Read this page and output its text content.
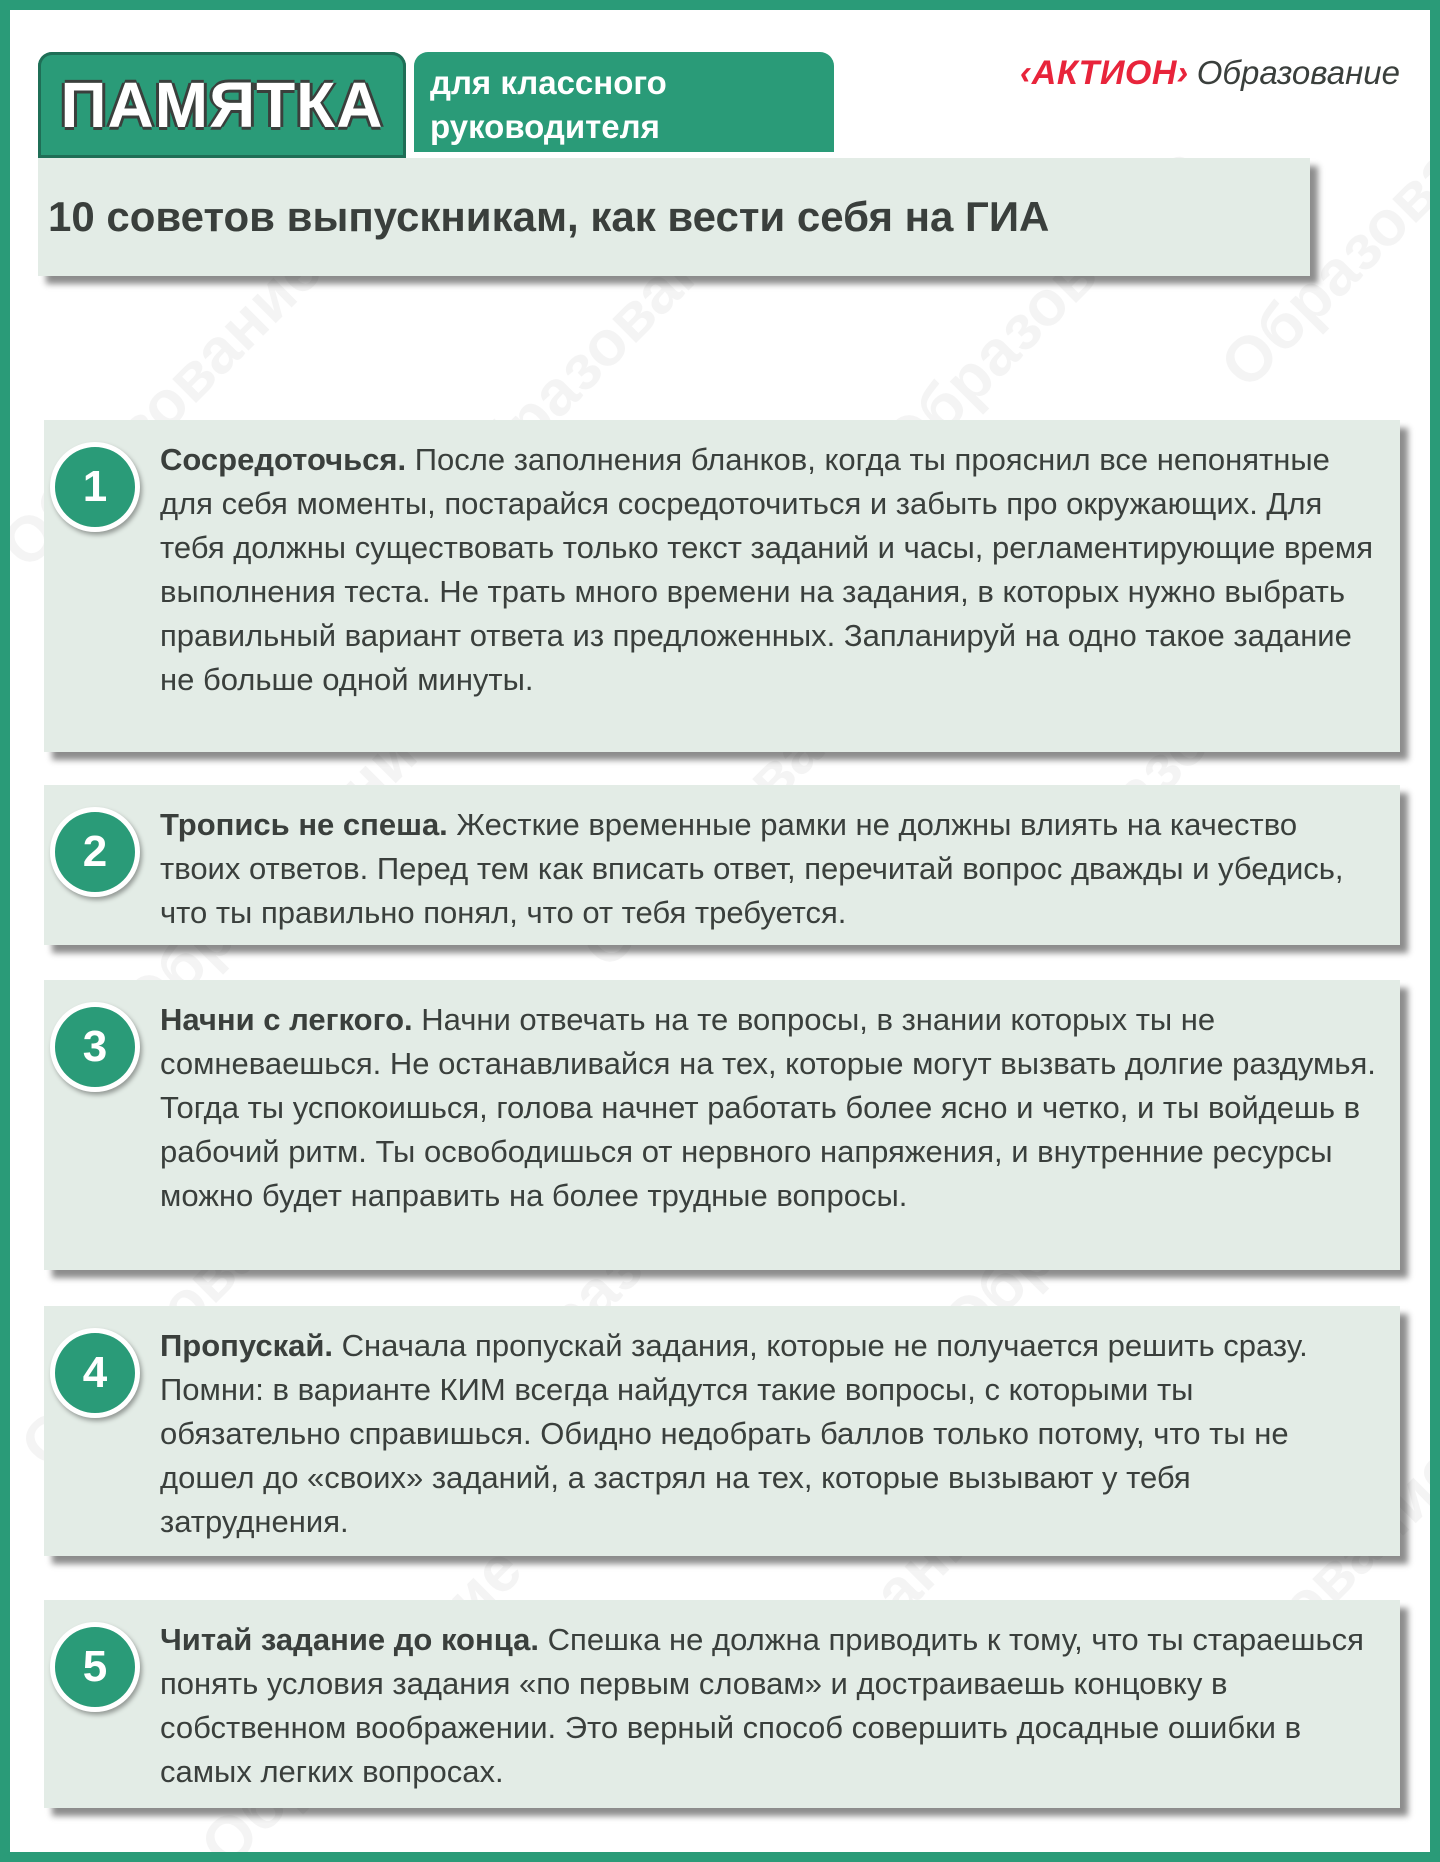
ПАМЯТКА для классного
руководителя
‹АКТИОН› Образование
10 советов выпускникам, как вести себя на ГИА
1
Сосредоточься. После заполнения бланков, когда ты прояснил все непонятные для себя моменты, постарайся сосредоточиться и забыть про окружающих. Для тебя должны существовать только текст заданий и часы, регламентирующие время выполнения теста. Не трать много времени на задания, в которых нужно выбрать правильный вариант ответа из предложенных. Запланируй на одно такое задание не больше одной минуты.
2
Тропись не спеша. Жесткие временные рамки не должны влиять на качество твоих ответов. Перед тем как вписать ответ, перечитай вопрос дважды и убедись, что ты правильно понял, что от тебя требуется.
3
Начни с легкого. Начни отвечать на те вопросы, в знании которых ты не сомневаешься. Не останавливайся на тех, которые могут вызвать долгие раздумья. Тогда ты успокоишься, голова начнет работать более ясно и четко, и ты войдешь в рабочий ритм. Ты освободишься от нервного напряжения, и внутренние ресурсы можно будет направить на более трудные вопросы.
4
Пропускай. Сначала пропускай задания, которые не получается решить сразу. Помни: в варианте КИМ всегда найдутся такие вопросы, с которыми ты обязательно справишься. Обидно недобрать баллов только потому, что ты не дошел до «своих» заданий, а застрял на тех, которые вызывают у тебя затруднения.
5
Читай задание до конца. Спешка не должна приводить к тому, что ты стараешься понять условия задания «по первым словам» и достраиваешь концовку в собственном воображении. Это верный способ совершить досадные ошибки в самых легких вопросах.
